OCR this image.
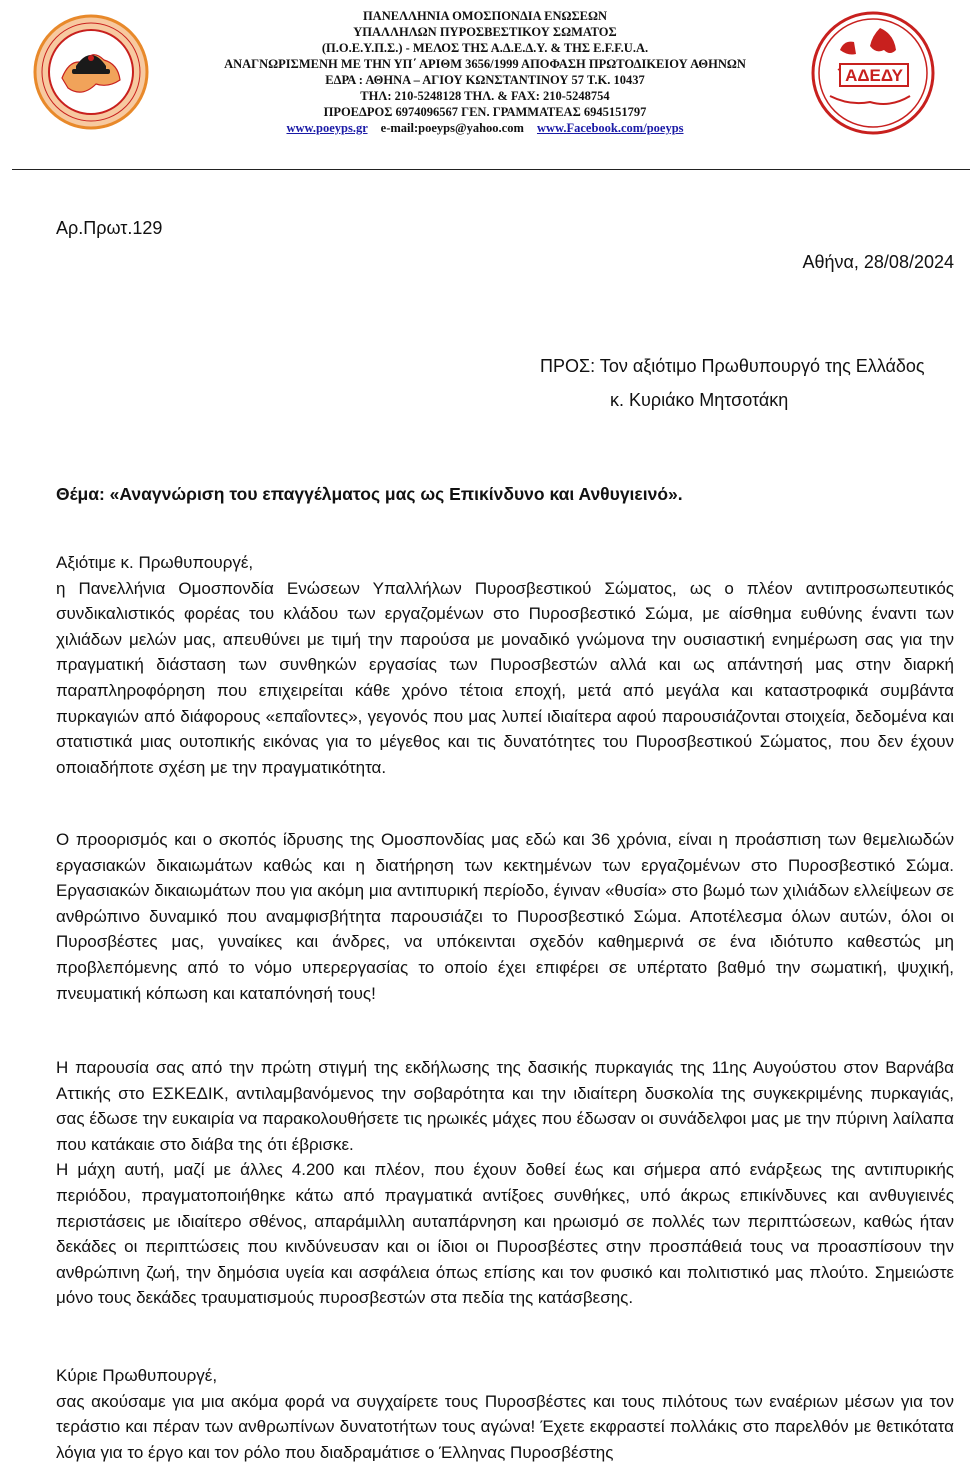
ΠΑΝΕΛΛΗΝΙΑ ΟΜΟΣΠΟΝΔΙΑ ΕΝΩΣΕΩΝ
ΥΠΑΛΛΗΛΩΝ ΠΥΡΟΣΒΕΣΤΙΚΟΥ ΣΩΜΑΤΟΣ
(Π.Ο.Ε.Υ.Π.Σ.) - ΜΕΛΟΣ ΤΗΣ Α.Δ.Ε.Δ.Υ. & ΤΗΣ E.F.F.U.A.
ΑΝΑΓΝΩΡΙΣΜΕΝΗ ΜΕ ΤΗΝ ΥΠ΄ ΑΡΙΘΜ 3656/1999 ΑΠΟΦΑΣΗ ΠΡΩΤΟΔΙΚΕΙΟΥ ΑΘΗΝΩΝ
ΕΔΡΑ : ΑΘΗΝΑ – ΑΓΙΟΥ ΚΩΝΣΤΑΝΤΙΝΟΥ 57 Τ.Κ. 10437
ΤΗΛ: 210-5248128 ΤΗΛ. & FAX: 210-5248754
ΠΡΟΕΔΡΟΣ 6974096567 ΓΕΝ. ΓΡΑΜΜΑΤΕΑΣ 6945151797
www.poeyps.gr e-mail:poeyps@yahoo.com www.Facebook.com/poeyps
ΑΔΕΔΥ
Αρ.Πρωτ.129
Αθήνα, 28/08/2024
ΠΡΟΣ: Τον αξιότιμο Πρωθυπουργό της Ελλάδος
κ. Κυριάκο Μητσοτάκη
Θέμα: «Αναγνώριση του επαγγέλματος μας ως Επικίνδυνο και Ανθυγιεινό».
Αξιότιμε κ. Πρωθυπουργέ,
η Πανελλήνια Ομοσπονδία Ενώσεων Υπαλλήλων Πυροσβεστικού Σώματος, ως ο πλέον αντιπροσωπευτικός συνδικαλιστικός φορέας του κλάδου των εργαζομένων στο Πυροσβεστικό Σώμα, με αίσθημα ευθύνης έναντι των χιλιάδων μελών μας, απευθύνει με τιμή την παρούσα με μοναδικό γνώμονα την ουσιαστική ενημέρωση σας για την πραγματική διάσταση των συνθηκών εργασίας των Πυροσβεστών αλλά και ως απάντησή μας στην διαρκή παραπληροφόρηση που επιχειρείται κάθε χρόνο τέτοια εποχή, μετά από μεγάλα και καταστροφικά συμβάντα πυρκαγιών από διάφορους «επαΐοντες», γεγονός που μας λυπεί ιδιαίτερα αφού παρουσιάζονται στοιχεία, δεδομένα και στατιστικά μιας ουτοπικής εικόνας για το μέγεθος και τις δυνατότητες του Πυροσβεστικού Σώματος, που δεν έχουν οποιαδήποτε σχέση με την πραγματικότητα.
Ο προορισμός και ο σκοπός ίδρυσης της Ομοσπονδίας μας εδώ και 36 χρόνια, είναι η προάσπιση των θεμελιωδών εργασιακών δικαιωμάτων καθώς και η διατήρηση των κεκτημένων των εργαζομένων στο Πυροσβεστικό Σώμα. Εργασιακών δικαιωμάτων που για ακόμη μια αντιπυρική περίοδο, έγιναν «θυσία» στο βωμό των χιλιάδων ελλείψεων σε ανθρώπινο δυναμικό που αναμφισβήτητα παρουσιάζει το Πυροσβεστικό Σώμα. Αποτέλεσμα όλων αυτών, όλοι οι Πυροσβέστες μας, γυναίκες και άνδρες, να υπόκεινται σχεδόν καθημερινά σε ένα ιδιότυπο καθεστώς μη προβλεπόμενης από το νόμο υπερεργασίας το οποίο έχει επιφέρει σε υπέρτατο βαθμό την σωματική, ψυχική, πνευματική κόπωση και καταπόνησή τους!
Η παρουσία σας από την πρώτη στιγμή της εκδήλωσης της δασικής πυρκαγιάς της 11ης Αυγούστου στον Βαρνάβα Αττικής στο ΕΣΚΕΔΙΚ, αντιλαμβανόμενος την σοβαρότητα και την ιδιαίτερη δυσκολία της συγκεκριμένης πυρκαγιάς, σας έδωσε την ευκαιρία να παρακολουθήσετε τις ηρωικές μάχες που έδωσαν οι συνάδελφοι μας με την πύρινη λαίλαπα που κατάκαιε στο διάβα της ότι έβρισκε.
Η μάχη αυτή, μαζί με άλλες 4.200 και πλέον, που έχουν δοθεί έως και σήμερα από ενάρξεως της αντιπυρικής περιόδου, πραγματοποιήθηκε κάτω από πραγματικά αντίξοες συνθήκες, υπό άκρως επικίνδυνες και ανθυγιεινές περιστάσεις με ιδιαίτερο σθένος, απαράμιλλη αυταπάρνηση και ηρωισμό σε πολλές των περιπτώσεων, καθώς ήταν δεκάδες οι περιπτώσεις που κινδύνευσαν και οι ίδιοι οι Πυροσβέστες στην προσπάθειά τους να προασπίσουν την ανθρώπινη ζωή, την δημόσια υγεία και ασφάλεια όπως επίσης και τον φυσικό και πολιτιστικό μας πλούτο. Σημειώστε μόνο τους δεκάδες τραυματισμούς πυροσβεστών στα πεδία της κατάσβεσης.
Κύριε Πρωθυπουργέ,
σας ακούσαμε για μια ακόμα φορά να συγχαίρετε τους Πυροσβέστες και τους πιλότους των εναέριων μέσων για τον τεράστιο και πέραν των ανθρωπίνων δυνατοτήτων τους αγώνα! Έχετε εκφραστεί πολλάκις στο παρελθόν με θετικότατα λόγια για το έργο και τον ρόλο που διαδραμάτισε ο Έλληνας Πυροσβέστης
